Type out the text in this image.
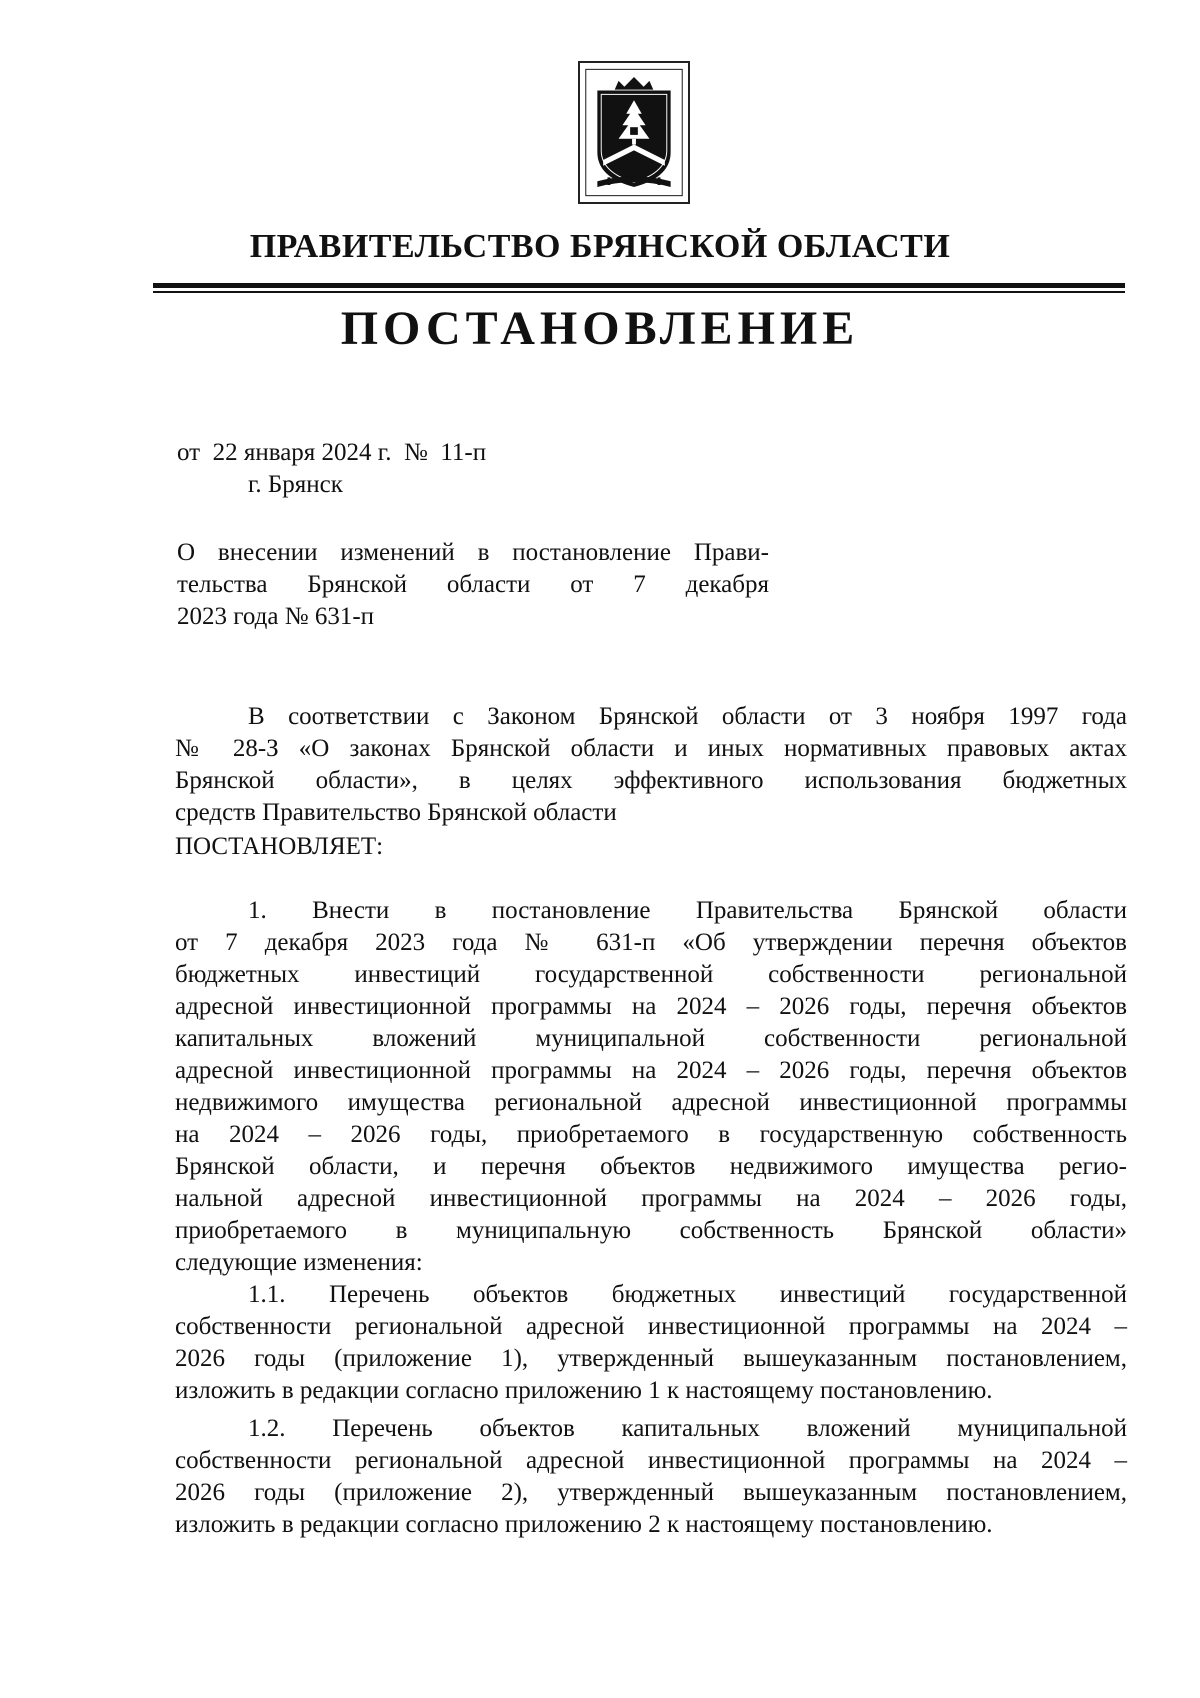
ПРАВИТЕЛЬСТВО БРЯНСКОЙ ОБЛАСТИ
ПОСТАНОВЛЕНИЕ
от  22 января 2024 г.  №  11-п
г. Брянск
О внесении изменений в постановление Прави-
тельства Брянской области от 7 декабря
2023 года № 631-п
В соответствии с Законом Брянской области от 3 ноября 1997 года
№ 28-З «О законах Брянской области и иных нормативных правовых актах
Брянской области», в целях эффективного использования бюджетных
средств Правительство Брянской области
ПОСТАНОВЛЯЕТ:
1. Внести в постановление Правительства Брянской области
от 7 декабря 2023 года № 631-п «Об утверждении перечня объектов
бюджетных инвестиций государственной собственности региональной
адресной инвестиционной программы на 2024 – 2026 годы, перечня объектов
капитальных вложений муниципальной собственности региональной
адресной инвестиционной программы на 2024 – 2026 годы, перечня объектов
недвижимого имущества региональной адресной инвестиционной программы
на 2024 – 2026 годы, приобретаемого в государственную собственность
Брянской области, и перечня объектов недвижимого имущества регио-
нальной адресной инвестиционной программы на 2024 – 2026 годы,
приобретаемого в муниципальную собственность Брянской области»
следующие изменения:
1.1. Перечень объектов бюджетных инвестиций государственной
собственности региональной адресной инвестиционной программы на 2024 –
2026 годы (приложение 1), утвержденный вышеуказанным постановлением,
изложить в редакции согласно приложению 1 к настоящему постановлению.
1.2. Перечень объектов капитальных вложений муниципальной
собственности региональной адресной инвестиционной программы на 2024 –
2026 годы (приложение 2), утвержденный вышеуказанным постановлением,
изложить в редакции согласно приложению 2 к настоящему постановлению.
